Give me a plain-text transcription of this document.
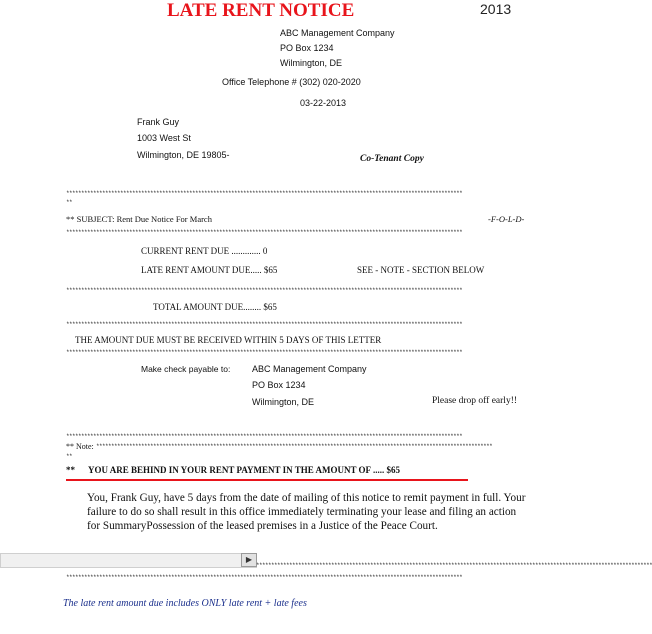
LATE RENT NOTICE	2013
ABC Management Company
PO Box 1234
Wilmington, DE
Office Telephone # (302) 020-2020
03-22-2013
Frank Guy
1003 West St
Wilmington, DE 19805-	Co-Tenant Copy
************************************************************************************************************************************
**
** SUBJECT: Rent Due Notice For March	-F-O-L-D-
************************************************************************************************************************************
CURRENT RENT DUE ............. 0
LATE RENT AMOUNT DUE..... $65	SEE - NOTE - SECTION BELOW
************************************************************************************************************************************
TOTAL AMOUNT DUE........ $65
************************************************************************************************************************************
THE AMOUNT DUE MUST BE RECEIVED WITHIN 5 DAYS OF THIS LETTER
************************************************************************************************************************************
Make check payable to: ABC Management Company
PO Box 1234
Wilmington, DE	Please drop off early!!
************************************************************************************************************************************
** Note: ************************************************************************************************************************************
**
** YOU ARE BEHIND IN YOUR RENT PAYMENT IN THE AMOUNT OF ..... $65
You, Frank Guy, have 5 days from the date of mailing of this notice to remit payment in full. Your failure to do so shall result in this office immediately terminating your lease and filing an action for SummaryPossession of the leased premises in a Justice of the Peace Court.
▶
************************************************************************************************************************************
************************************************************************************************************************************
The late rent amount due includes ONLY late rent + late fees
